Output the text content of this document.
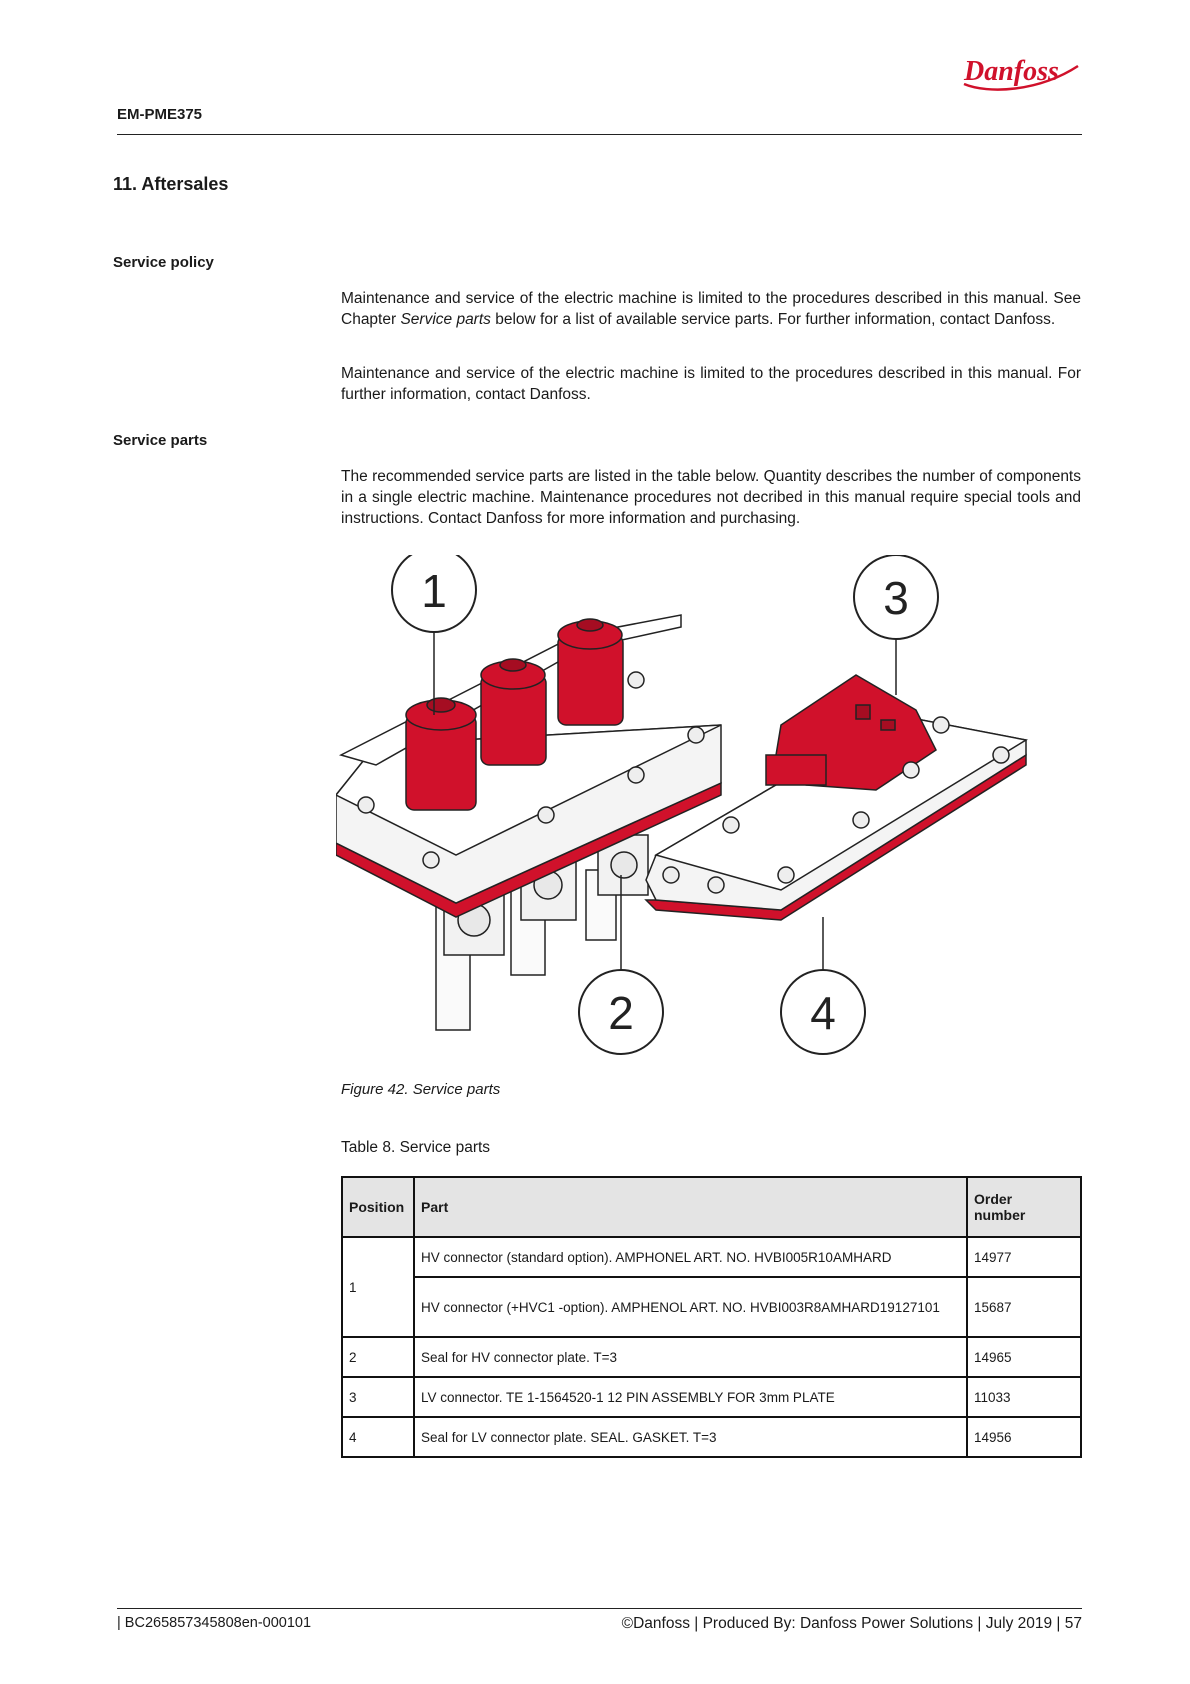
Danfoss
EM-PME375
11. Aftersales
Service policy

Maintenance and service of the electric machine is limited to the procedures described in this manual. See Chapter Service parts below for a list of available service parts. For further information, contact Danfoss.

Maintenance and service of the electric machine is limited to the procedures described in this manual. For further information, contact Danfoss.

Service parts

The recommended service parts are listed in the table below. Quantity describes the number of components in a single electric machine. Maintenance procedures not decribed in this manual require special tools and instructions. Contact Danfoss for more information and purchasing.

1
2
3
4
Figure 42. Service parts
Table 8. Service parts
Position	Part	Order
number
1	HV connector (standard option). AMPHONEL ART. NO. HVBI005R10AMHARD	14977
	HV connector (+HVC1 -option). AMPHENOL ART. NO. HVBI003R8AMHARD19127101	15687
2	Seal for HV connector plate. T=3	14965
3	LV connector. TE 1-1564520-1 12 PIN ASSEMBLY FOR 3mm PLATE	11033
4	Seal for LV connector plate. SEAL. GASKET. T=3	14956
| BC265857345808en-000101	©Danfoss | Produced By: Danfoss Power Solutions | July 2019 | 57
